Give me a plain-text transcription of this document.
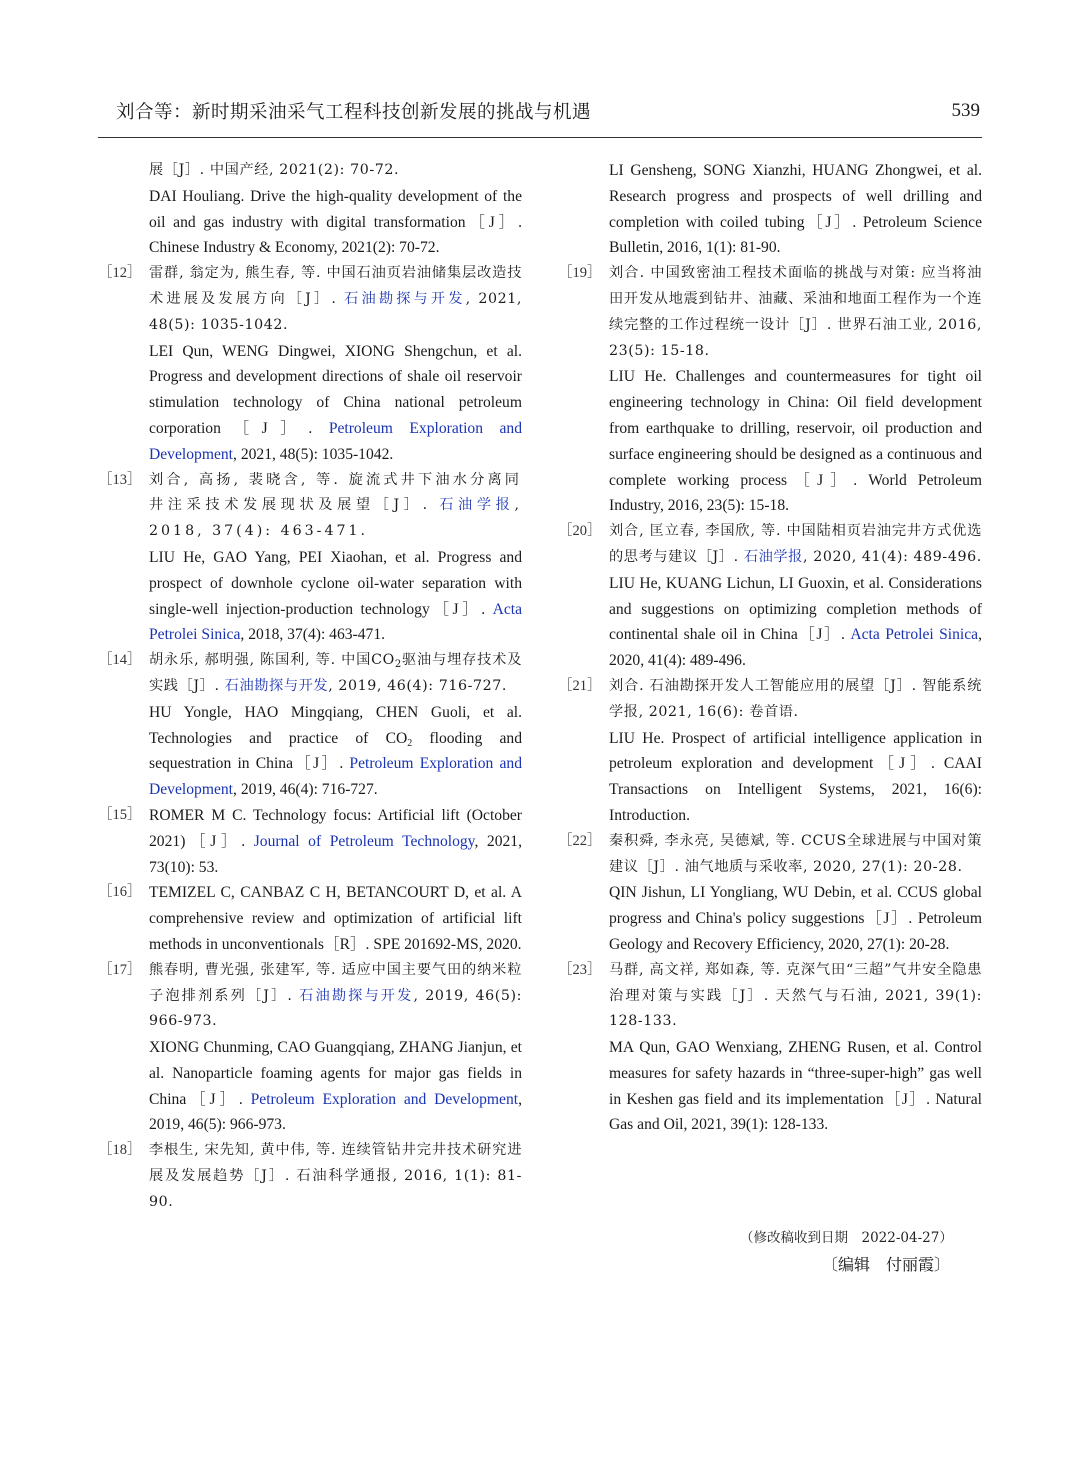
刘合等：新时期采油采气工程科技创新发展的挑战与机遇	539
展［J］. 中国产经, 2021(2): 70-72.
DAI Houliang. Drive the high-quality development of the oil and gas industry with digital transformation［J］. Chinese Industry & Economy, 2021(2): 70-72.
［12］ 雷群, 翁定为, 熊生春, 等. 中国石油页岩油储集层改造技术进展及发展方向［J］. 石油勘探与开发, 2021, 48(5): 1035-1042.
LEI Qun, WENG Dingwei, XIONG Shengchun, et al. Progress and development directions of shale oil reservoir stimulation technology of China national petroleum corporation［J］. Petroleum Exploration and Development, 2021, 48(5): 1035-1042.
［13］ 刘合, 高扬, 裴晓含, 等. 旋流式井下油水分离同井注采技术发展现状及展望［J］. 石油学报, 2018, 37(4): 463-471.
LIU He, GAO Yang, PEI Xiaohan, et al. Progress and prospect of downhole cyclone oil-water separation with single-well injection-production technology［J］. Acta Petrolei Sinica, 2018, 37(4): 463-471.
［14］ 胡永乐, 郝明强, 陈国利, 等. 中国$CO_2$驱油与埋存技术及实践［J］. 石油勘探与开发, 2019, 46(4): 716-727.
HU Yongle, HAO Mingqiang, CHEN Guoli, et al. Technologies and practice of $CO_2$ flooding and sequestration in China［J］. Petroleum Exploration and Development, 2019, 46(4): 716-727.
［15］ ROMER M C. Technology focus: Artificial lift (October 2021)［J］. Journal of Petroleum Technology, 2021, 73(10): 53.
［16］ TEMIZEL C, CANBAZ C H, BETANCOURT D, et al. A comprehensive review and optimization of artificial lift methods in unconventionals［R］. SPE 201692-MS, 2020.
［17］ 熊春明, 曹光强, 张建军, 等. 适应中国主要气田的纳米粒子泡排剂系列［J］. 石油勘探与开发, 2019, 46(5): 966-973.
XIONG Chunming, CAO Guangqiang, ZHANG Jianjun, et al. Nanoparticle foaming agents for major gas fields in China［J］. Petroleum Exploration and Development, 2019, 46(5): 966-973.
［18］ 李根生, 宋先知, 黄中伟, 等. 连续管钻井完井技术研究进展及发展趋势［J］. 石油科学通报, 2016, 1(1): 81-90.
LI Gensheng, SONG Xianzhi, HUANG Zhongwei, et al. Research progress and prospects of well drilling and completion with coiled tubing［J］. Petroleum Science Bulletin, 2016, 1(1): 81-90.
［19］ 刘合. 中国致密油工程技术面临的挑战与对策: 应当将油田开发从地震到钻井、油藏、采油和地面工程作为一个连续完整的工作过程统一设计［J］. 世界石油工业, 2016, 23(5): 15-18.
LIU He. Challenges and countermeasures for tight oil engineering technology in China: Oil field development from earthquake to drilling, reservoir, oil production and surface engineering should be designed as a continuous and complete working process［J］. World Petroleum Industry, 2016, 23(5): 15-18.
［20］ 刘合, 匡立春, 李国欣, 等. 中国陆相页岩油完井方式优选的思考与建议［J］. 石油学报, 2020, 41(4): 489-496.
LIU He, KUANG Lichun, LI Guoxin, et al. Considerations and suggestions on optimizing completion methods of continental shale oil in China［J］. Acta Petrolei Sinica, 2020, 41(4): 489-496.
［21］ 刘合. 石油勘探开发人工智能应用的展望［J］. 智能系统学报, 2021, 16(6): 卷首语.
LIU He. Prospect of artificial intelligence application in petroleum exploration and development［J］. CAAI Transactions on Intelligent Systems, 2021, 16(6): Introduction.
［22］ 秦积舜, 李永亮, 吴德斌, 等. CCUS全球进展与中国对策建议［J］. 油气地质与采收率, 2020, 27(1): 20-28.
QIN Jishun, LI Yongliang, WU Debin, et al. CCUS global progress and China's policy suggestions［J］. Petroleum Geology and Recovery Efficiency, 2020, 27(1): 20-28.
［23］ 马群, 高文祥, 郑如森, 等. 克深气田“三超”气井安全隐患治理对策与实践［J］. 天然气与石油, 2021, 39(1): 128-133.
MA Qun, GAO Wenxiang, ZHENG Rusen, et al. Control measures for safety hazards in “three-super-high” gas well in Keshen gas field and its implementation［J］. Natural Gas and Oil, 2021, 39(1): 128-133.
（修改稿收到日期　2022-04-27）
〔编辑　付丽霞〕
